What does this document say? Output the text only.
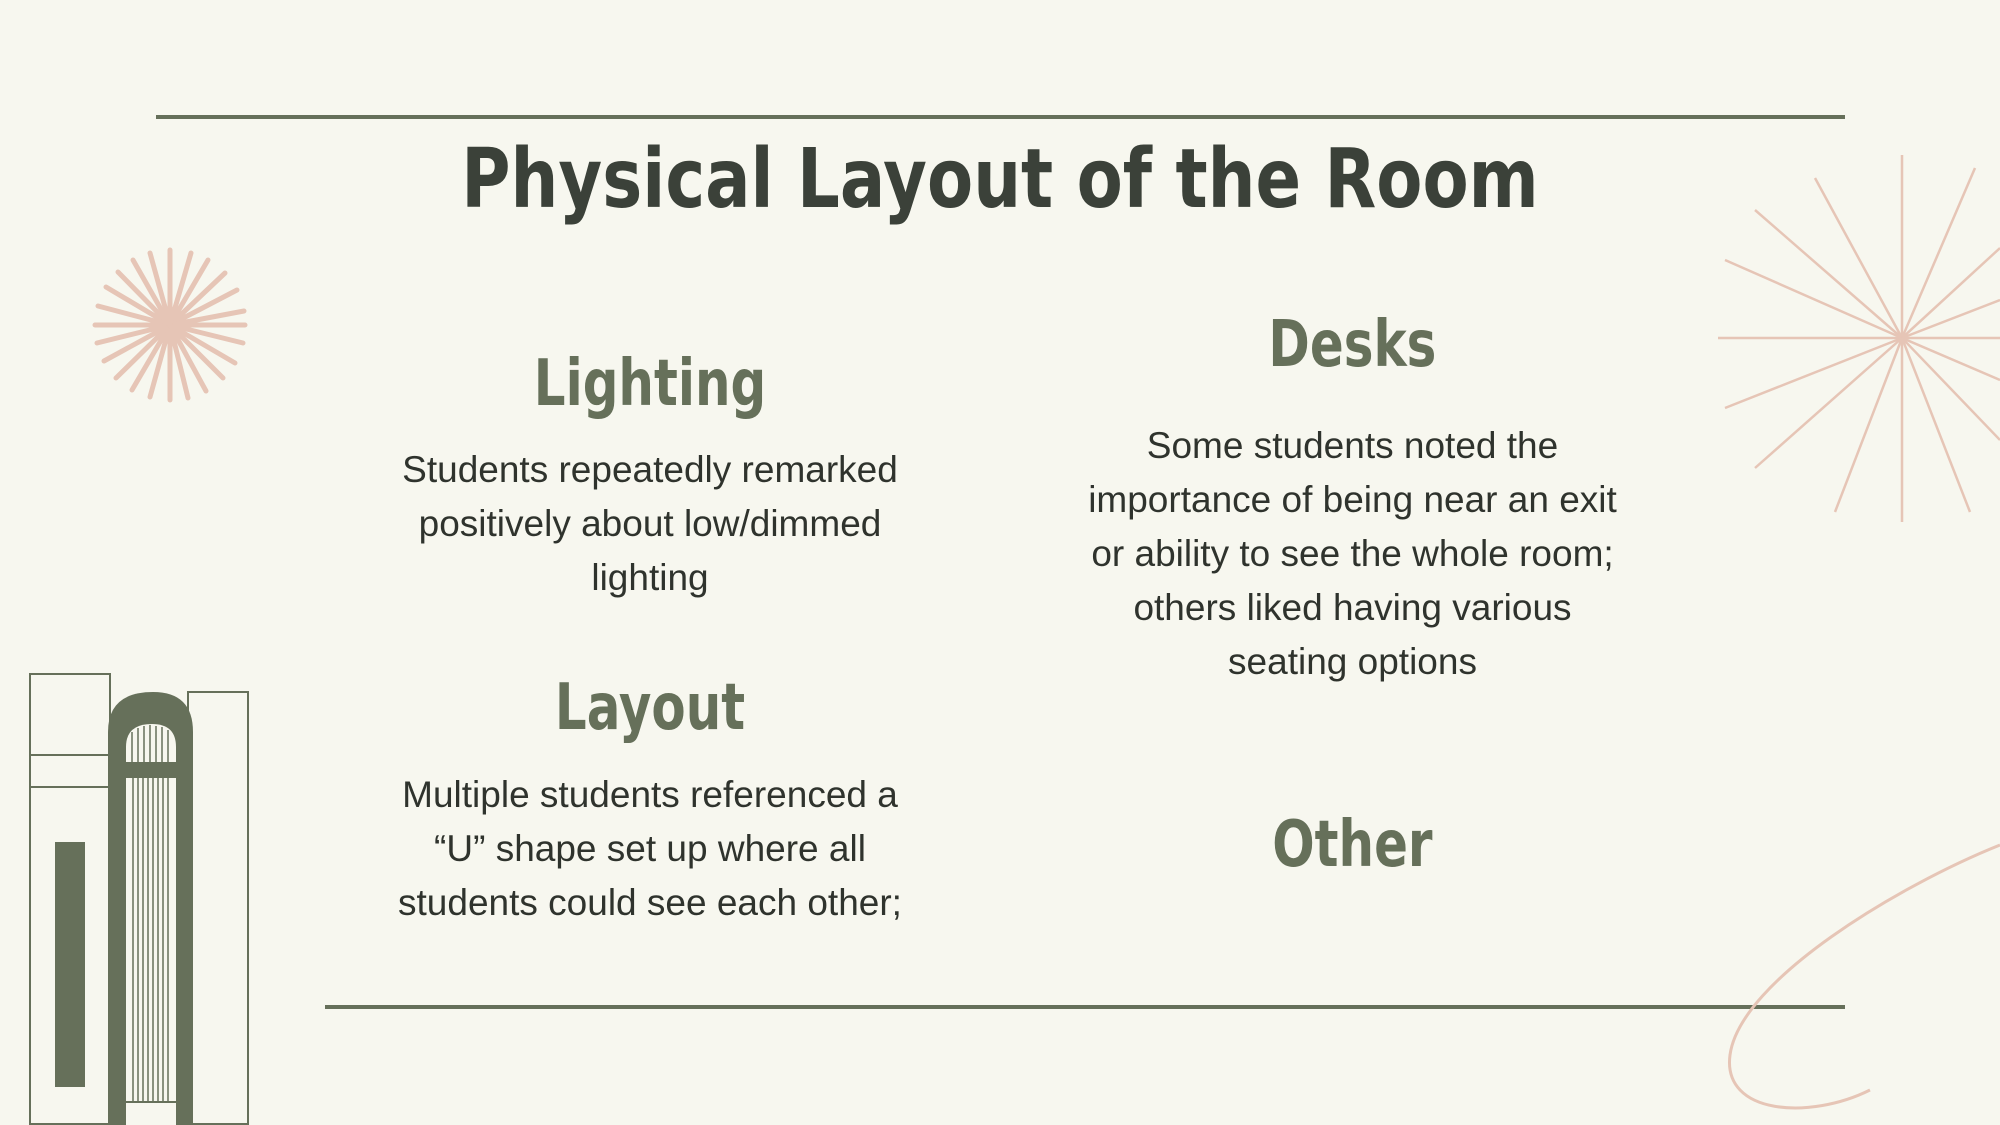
Physical Layout of the Room
Lighting
Students repeatedly remarked positively about low/dimmed lighting
Layout
Multiple students referenced a “U” shape set up where all students could see each other;
Desks
Some students noted the importance of being near an exit or ability to see the whole room; others liked having various seating options
Other
